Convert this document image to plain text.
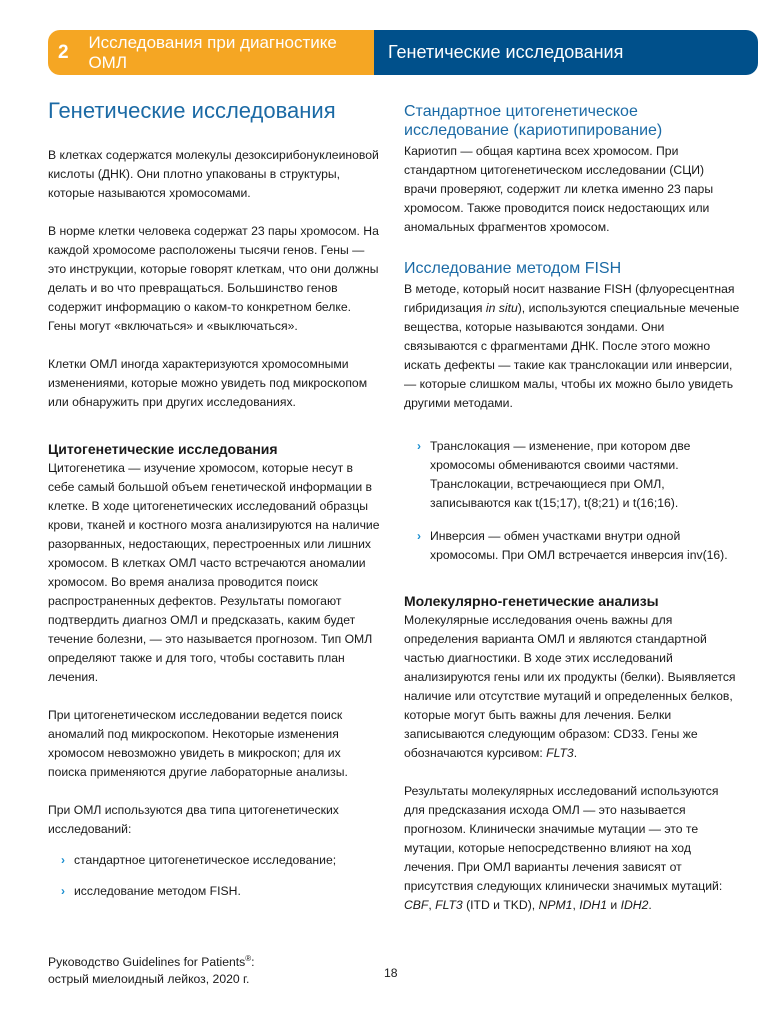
2	Исследования при диагностике ОМЛ	Генетические исследования
Генетические исследования

В клетках содержатся молекулы дезоксирибонуклеиновой кислоты (ДНК). Они плотно упакованы в структуры, которые называются хромосомами.

В норме клетки человека содержат 23 пары хромосом. На каждой хромосоме расположены тысячи генов. Гены — это инструкции, которые говорят клеткам, что они должны делать и во что превращаться. Большинство генов содержит информацию о каком-то конкретном белке. Гены могут «включаться» и «выключаться».

Клетки ОМЛ иногда характеризуются хромосомными изменениями, которые можно увидеть под микроскопом или обнаружить при других исследованиях.

Цитогенетические исследования

Цитогенетика — изучение хромосом, которые несут в себе самый большой объем генетической информации в клетке. В ходе цитогенетических исследований образцы крови, тканей и костного мозга анализируются на наличие разорванных, недостающих, перестроенных или лишних хромосом. В клетках ОМЛ часто встречаются аномалии хромосом. Во время анализа проводится поиск распространенных дефектов. Результаты помогают подтвердить диагноз ОМЛ и предсказать, каким будет течение болезни, — это называется прогнозом. Тип ОМЛ определяют также и для того, чтобы составить план лечения.

При цитогенетическом исследовании ведется поиск аномалий под микроскопом. Некоторые изменения хромосом невозможно увидеть в микроскоп; для их поиска применяются другие лабораторные анализы.

При ОМЛ используются два типа цитогенетических исследований:

› стандартное цитогенетическое исследование;
› исследование методом FISH.
Стандартное цитогенетическое исследование (кариотипирование)

Кариотип — общая картина всех хромосом. При стандартном цитогенетическом исследовании (СЦИ) врачи проверяют, содержит ли клетка именно 23 пары хромосом. Также проводится поиск недостающих или аномальных фрагментов хромосом.

Исследование методом FISH

В методе, который носит название FISH (флуоресцентная гибридизация in situ), используются специальные меченые вещества, которые называются зондами. Они связываются с фрагментами ДНК. После этого можно искать дефекты — такие как транслокации или инверсии, — которые слишком малы, чтобы их можно было увидеть другими методами.

› Транслокация — изменение, при котором две хромосомы обмениваются своими частями. Транслокации, встречающиеся при ОМЛ, записываются как t(15;17), t(8;21) и t(16;16).
› Инверсия — обмен участками внутри одной хромосомы. При ОМЛ встречается инверсия inv(16).
Молекулярно-генетические анализы

Молекулярные исследования очень важны для определения варианта ОМЛ и являются стандартной частью диагностики. В ходе этих исследований анализируются гены или их продукты (белки). Выявляется наличие или отсутствие мутаций и определенных белков, которые могут быть важны для лечения. Белки записываются следующим образом: CD33. Гены же обозначаются курсивом: FLT3.

Результаты молекулярных исследований используются для предсказания исхода ОМЛ — это называется прогнозом. Клинически значимые мутации — это те мутации, которые непосредственно влияют на ход лечения. При ОМЛ варианты лечения зависят от присутствия следующих клинически значимых мутаций: CBF, FLT3 (ITD и TKD), NPM1, IDH1 и IDH2.

Руководство Guidelines for Patients®:
острый миелоидный лейкоз, 2020 г.	18
